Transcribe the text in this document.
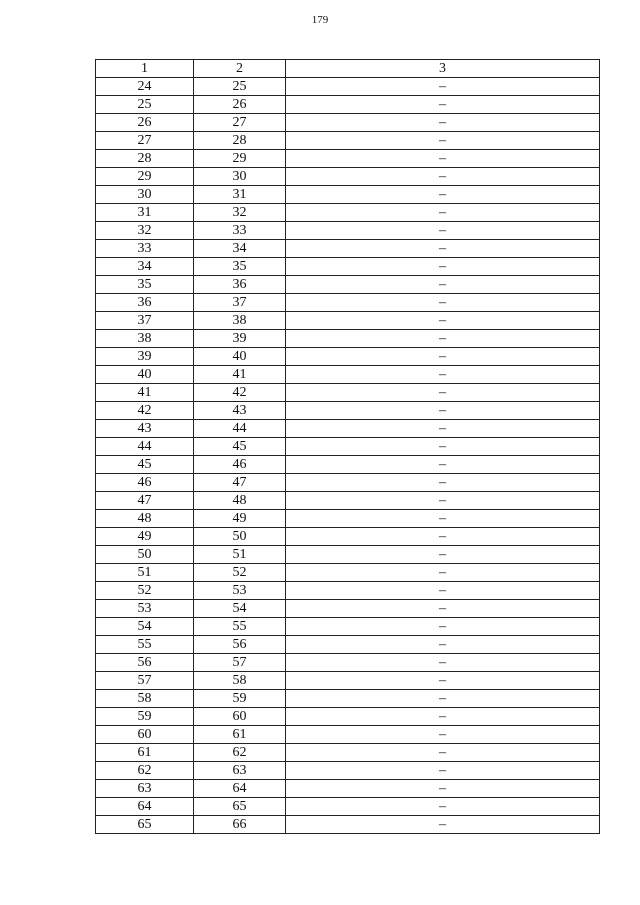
179
1	2	3
24	25	–
25	26	–
26	27	–
27	28	–
28	29	–
29	30	–
30	31	–
31	32	–
32	33	–
33	34	–
34	35	–
35	36	–
36	37	–
37	38	–
38	39	–
39	40	–
40	41	–
41	42	–
42	43	–
43	44	–
44	45	–
45	46	–
46	47	–
47	48	–
48	49	–
49	50	–
50	51	–
51	52	–
52	53	–
53	54	–
54	55	–
55	56	–
56	57	–
57	58	–
58	59	–
59	60	–
60	61	–
61	62	–
62	63	–
63	64	–
64	65	–
65	66	–
